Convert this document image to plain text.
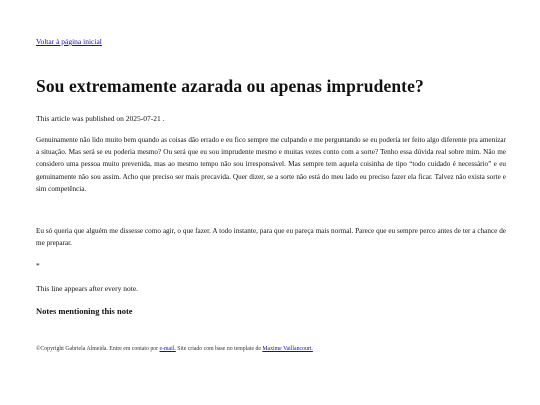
Voltar à página inicial
Sou extremamente azarada ou apenas imprudente?
This article was published on 2025-07-21 .

Genuinamente não lido muito bem quando as coisas dão errado e eu fico sempre me culpando e me perguntando se eu poderia ter feito algo diferente pra amenizar a situação. Mas será se eu poderia mesmo? Ou será que eu sou imprudente mesmo e muitas vezes conto com a sorte? Tenho essa dúvida real sobre mim. Não me considero uma pessoa muito prevenida, mas ao mesmo tempo não sou irresponsável. Mas sempre tem aquela coisinha de tipo “todo cuidado é necessário” e eu genuinamente não sou assim. Acho que preciso ser mais precavida. Quer dizer, se a sorte não está do meu lado eu preciso fazer ela ficar. Talvez não exista sorte e sim competência.

Eu só queria que alguém me dissesse como agir, o que fazer. A todo instante, para que eu pareça mais normal. Parece que eu sempre perco antes de ter a chance de me preparar.

*
This line appears after every note.
Notes mentioning this note
©Copyright Gabriela Almeida. Entre em contato por e-mail. Site criado com base no template de Maxime Vaillancourt.
